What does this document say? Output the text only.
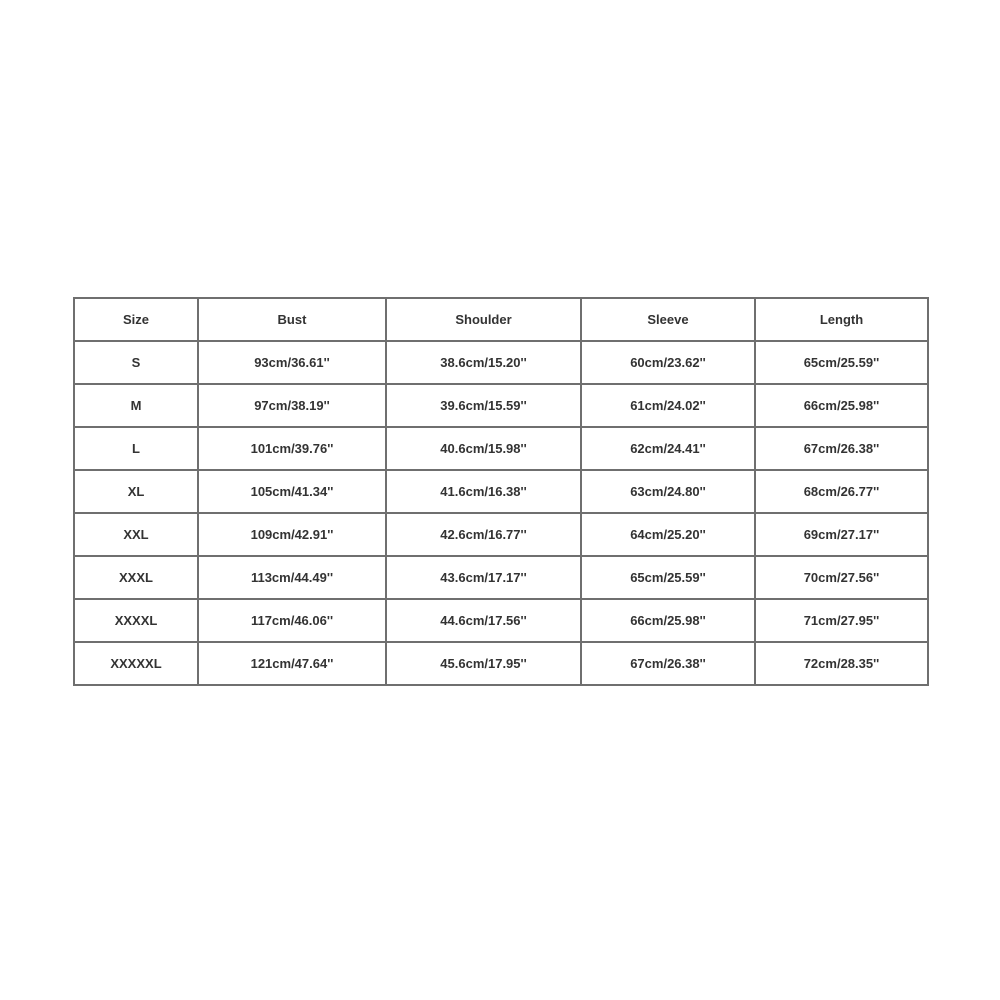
Size	Bust	Shoulder	Sleeve	Length
S	93cm/36.61''	38.6cm/15.20''	60cm/23.62''	65cm/25.59''
M	97cm/38.19''	39.6cm/15.59''	61cm/24.02''	66cm/25.98''
L	101cm/39.76''	40.6cm/15.98''	62cm/24.41''	67cm/26.38''
XL	105cm/41.34''	41.6cm/16.38''	63cm/24.80''	68cm/26.77''
XXL	109cm/42.91''	42.6cm/16.77''	64cm/25.20''	69cm/27.17''
XXXL	113cm/44.49''	43.6cm/17.17''	65cm/25.59''	70cm/27.56''
XXXXL	117cm/46.06''	44.6cm/17.56''	66cm/25.98''	71cm/27.95''
XXXXXL	121cm/47.64''	45.6cm/17.95''	67cm/26.38''	72cm/28.35''
